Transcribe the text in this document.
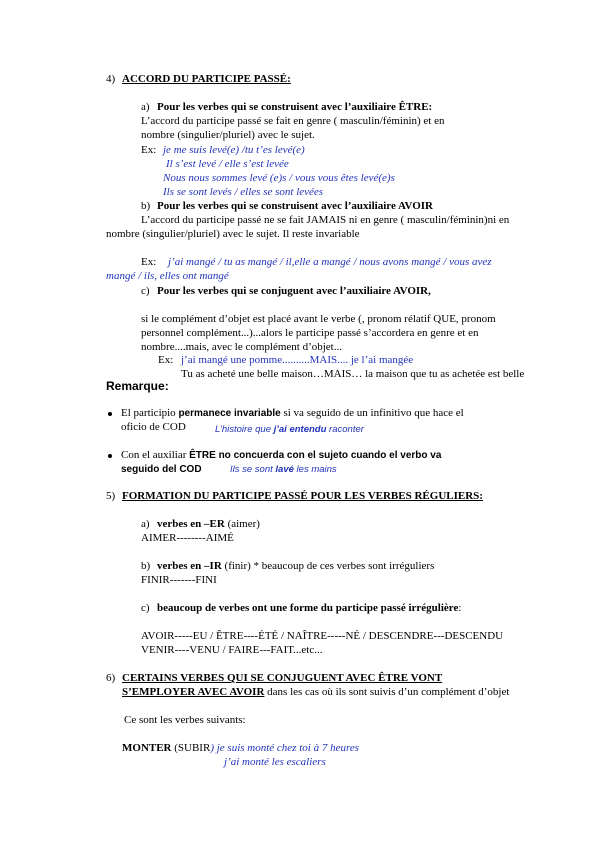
4) ACCORD DU PARTICIPE PASSÉ:
a) Pour les verbes qui se construisent avec l’auxiliaire ÊTRE:
L’accord du participe passé se fait en genre ( masculin/féminin) et en
nombre (singulier/pluriel) avec le sujet.
Ex: je me suis levé(e) /tu t’es levé(e)
Il s’est levé / elle s’est levée
Nous nous sommes levé (e)s / vous vous êtes levé(e)s
Ils se sont levés / elles se sont levées
b) Pour les verbes qui se construisent avec l’auxiliaire AVOIR
L’accord du participe passé ne se fait JAMAIS ni en genre ( masculin/féminin)ni en
nombre (singulier/pluriel) avec le sujet. Il reste invariable
Ex: j’ai mangé / tu as mangé / il,elle a mangé / nous avons mangé / vous avez
mangé / ils, elles ont mangé
c) Pour les verbes qui se conjuguent avec l’auxiliaire AVOIR,
si le complément d’objet est placé avant le verbe (, pronom rélatif QUE, pronom
personnel complément...)...alors le participe passé s’accordera en genre et en
nombre....mais, avec le complément d’objet...
Ex: j’ai mangé une pomme..........MAIS.... je l’ai mangée
Tu as acheté une belle maison…MAIS… la maison que tu as achetée est belle
Remarque:
El participio permanece invariable si va seguido de un infinitivo que hace el
oficio de COD	L’histoire que j’ai entendu raconter
Con el auxiliar ÊTRE no concuerda con el sujeto cuando el verbo va
seguido del COD	Ils se sont lavé les mains
5) FORMATION DU PARTICIPE PASSÉ POUR LES VERBES RÉGULIERS:
a) verbes en –ER (aimer)
AIMER--------AIMÉ
b) verbes en –IR (finir) * beaucoup de ces verbes sont irréguliers
FINIR-------FINI
c) beaucoup de verbes ont une forme du participe passé irrégulière:
AVOIR-----EU / ÊTRE----ÉTÉ / NAÎTRE-----NÉ / DESCENDRE---DESCENDU
VENIR----VENU / FAIRE---FAIT...etc...
6) CERTAINS VERBES QUI SE CONJUGUENT AVEC ÊTRE VONT
S’EMPLOYER AVEC AVOIR dans les cas où ils sont suivis d’un complément d’objet
Ce sont les verbes suivants:
MONTER (SUBIR) je suis monté chez toi à 7 heures
j’ai monté les escaliers
